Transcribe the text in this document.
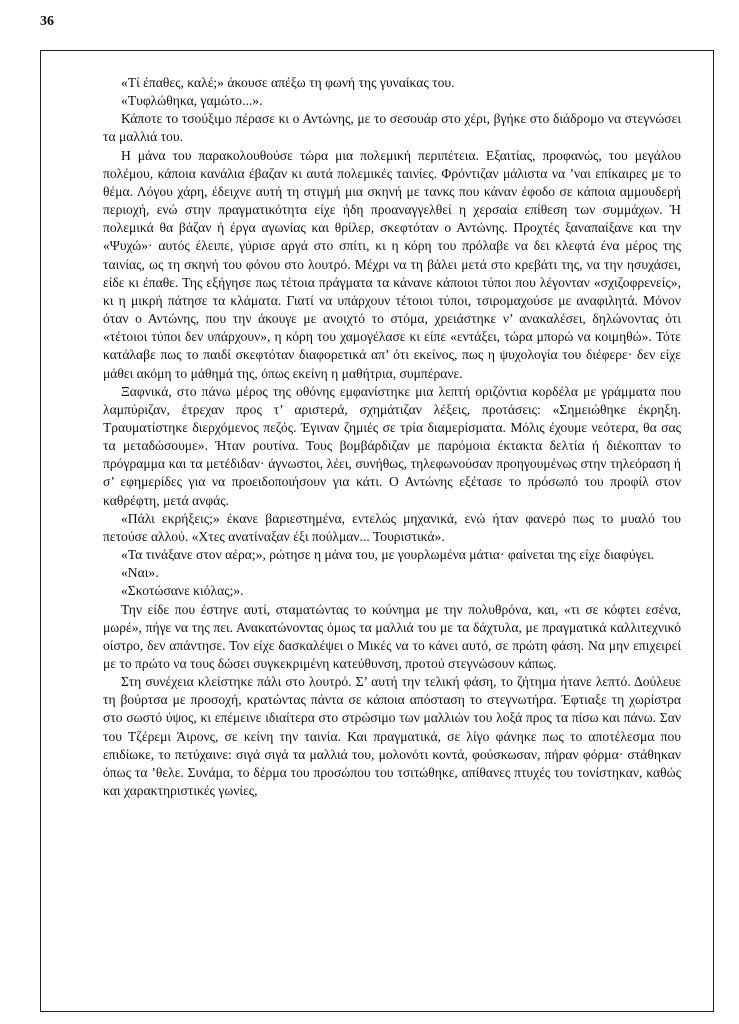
36

«Τί έπαθες, καλέ;» άκουσε απέξω τη φωνή της γυναίκας του.

«Τυφλώθηκα, γαμώτο...».

Κάποτε το τσούξιμο πέρασε κι ο Αντώνης, με το σεσουάρ στο χέρι, βγήκε στο διάδρομο να στεγνώσει τα μαλλιά του.

Η μάνα του παρακολουθούσε τώρα μια πολεμική περιπέτεια. Εξαιτίας, προφανώς, του μεγάλου πολέμου, κάποια κανάλια έβαζαν κι αυτά πολεμικές ταινίες. Φρόντιζαν μάλιστα να ’ναι επίκαιρες με το θέμα. Λόγου χάρη, έδειχνε αυτή τη στιγμή μια σκηνή με τανκς που κάναν έφοδο σε κάποια αμμουδερή περιοχή, ενώ στην πραγματικότητα είχε ήδη προαναγγελθεί η χερσαία επίθεση των συμμάχων. Ή πολεμικά θα βάζαν ή έργα αγωνίας και θρίλερ, σκεφτόταν ο Αντώνης. Προχτές ξαναπαίξανε και την «Ψυχώ»· αυτός έλειπε, γύρισε αργά στο σπίτι, κι η κόρη του πρόλαβε να δει κλεφτά ένα μέρος της ταινίας, ως τη σκηνή του φόνου στο λουτρό. Μέχρι να τη βάλει μετά στο κρεβάτι της, να την ησυχάσει, είδε κι έπαθε. Της εξήγησε πως τέτοια πράγματα τα κάνανε κάποιοι τύποι που λέγονταν «σχιζοφρενείς», κι η μικρή πάτησε τα κλάματα. Γιατί να υπάρχουν τέτοιοι τύποι, τσιρομαχούσε με αναφιλητά. Μόνον όταν ο Αντώνης, που την άκουγε με ανοιχτό το στόμα, χρειάστηκε ν’ ανακαλέσει, δηλώνοντας ότι «τέτοιοι τύποι δεν υπάρχουν», η κόρη του χαμογέλασε κι είπε «εντάξει, τώρα μπορώ να κοιμηθώ». Τότε κατάλαβε πως το παιδί σκεφτόταν διαφορετικά απ’ ότι εκείνος, πως η ψυχολογία του διέφερε· δεν είχε μάθει ακόμη το μάθημά της, όπως εκείνη η μαθήτρια, συμπέρανε.

Ξαφνικά, στο πάνω μέρος της οθόνης εμφανίστηκε μια λεπτή οριζόντια κορδέλα με γράμματα που λαμπύριζαν, έτρεχαν προς τ’ αριστερά, σχημάτιζαν λέξεις, προτάσεις: «Σημειώθηκε έκρηξη. Τραυματίστηκε διερχόμενος πεζός. Έγιναν ζημιές σε τρία διαμερίσματα. Μόλις έχουμε νεότερα, θα σας τα μεταδώσουμε». Ήταν ρουτίνα. Τους βομβάρδιζαν με παρόμοια έκτακτα δελτία ή διέκοπταν το πρόγραμμα και τα μετέδιδαν· άγνωστοι, λέει, συνήθως, τηλεφωνούσαν προηγουμένως στην τηλεόραση ή σ’ εφημερίδες για να προειδοποιήσουν για κάτι. Ο Αντώνης εξέτασε το πρόσωπό του προφίλ στον καθρέφτη, μετά ανφάς.

«Πάλι εκρήξεις;» έκανε βαριεστημένα, εντελώς μηχανικά, ενώ ήταν φανερό πως το μυαλό του πετούσε αλλού. «Χτες ανατίναξαν έξι πούλμαν... Τουριστικά».

«Τα τινάξανε στον αέρα;», ρώτησε η μάνα του, με γουρλωμένα μάτια· φαίνεται της είχε διαφύγει.

«Ναι».

«Σκοτώσανε κιόλας;».

Την είδε που έστηνε αυτί, σταματώντας το κούνημα με την πολυθρόνα, και, «τι σε κόφτει εσένα, μωρέ», πήγε να της πει. Ανακατώνοντας όμως τα μαλλιά του με τα δάχτυλα, με πραγματικά καλλιτεχνικό οίστρο, δεν απάντησε. Τον είχε δασκαλέψει ο Μικές να το κάνει αυτό, σε πρώτη φάση. Να μην επιχειρεί με το πρώτο να τους δώσει συγκεκριμένη κατεύθυνση, προτού στεγνώσουν κάπως.

Στη συνέχεια κλείστηκε πάλι στο λουτρό. Σ’ αυτή την τελική φάση, το ζήτημα ήτανε λεπτό. Δούλευε τη βούρτσα με προσοχή, κρατώντας πάντα σε κάποια απόσταση το στεγνωτήρα. Έφτιαξε τη χωρίστρα στο σωστό ύψος, κι επέμεινε ιδιαίτερα στο στρώσιμο των μαλλιών του λοξά προς τα πίσω και πάνω. Σαν του Τζέρεμι Άιρονς, σε κείνη την ταινία. Και πραγματικά, σε λίγο φάνηκε πως το αποτέλεσμα που επιδίωκε, το πετύχαινε: σιγά σιγά τα μαλλιά του, μολονότι κοντά, φούσκωσαν, πήραν φόρμα· στάθηκαν όπως τα ’θελε. Συνάμα, το δέρμα του προσώπου του τσιτώθηκε, απίθανες πτυχές του τονίστηκαν, καθώς και χαρακτηριστικές γωνίες,
